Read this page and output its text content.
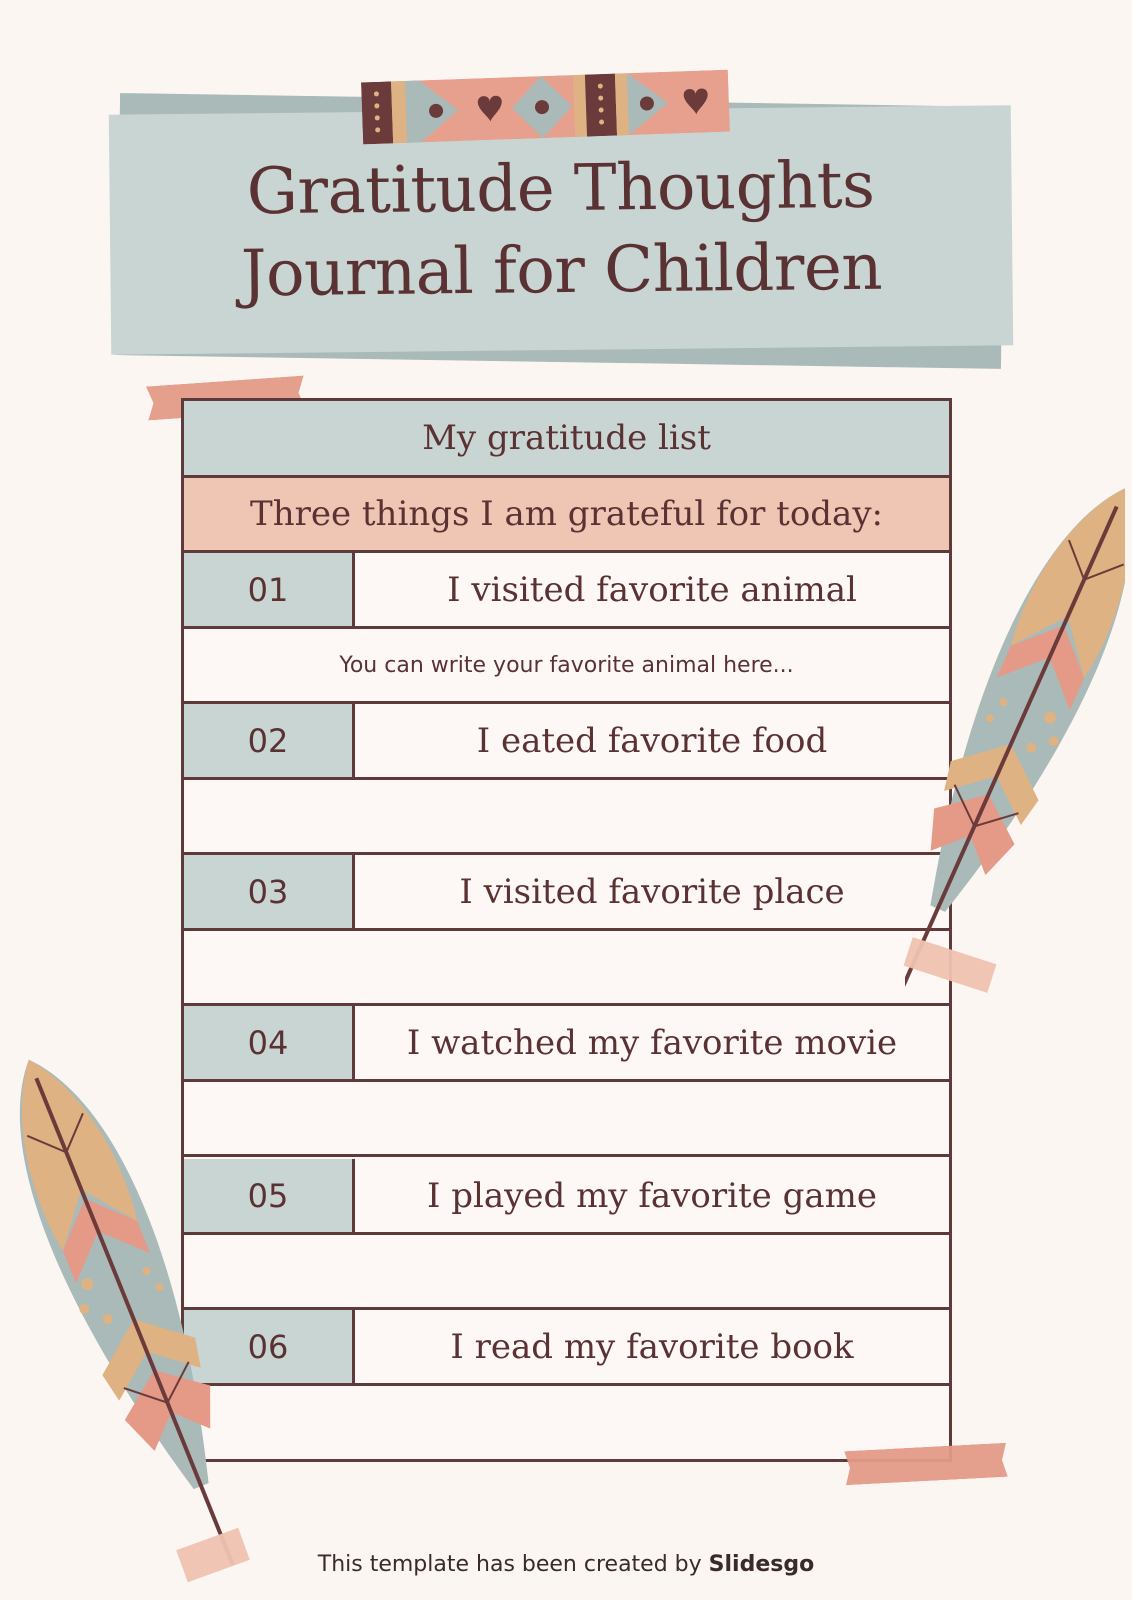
Gratitude Thoughts
Journal for Children
My gratitude list
Three things I am grateful for today:
01	I visited favorite animal
You can write your favorite animal here...
02	I eated favorite food
03	I visited favorite place
04	I watched my favorite movie
05	I played my favorite game
06	I read my favorite book
This template has been created by Slidesgo
